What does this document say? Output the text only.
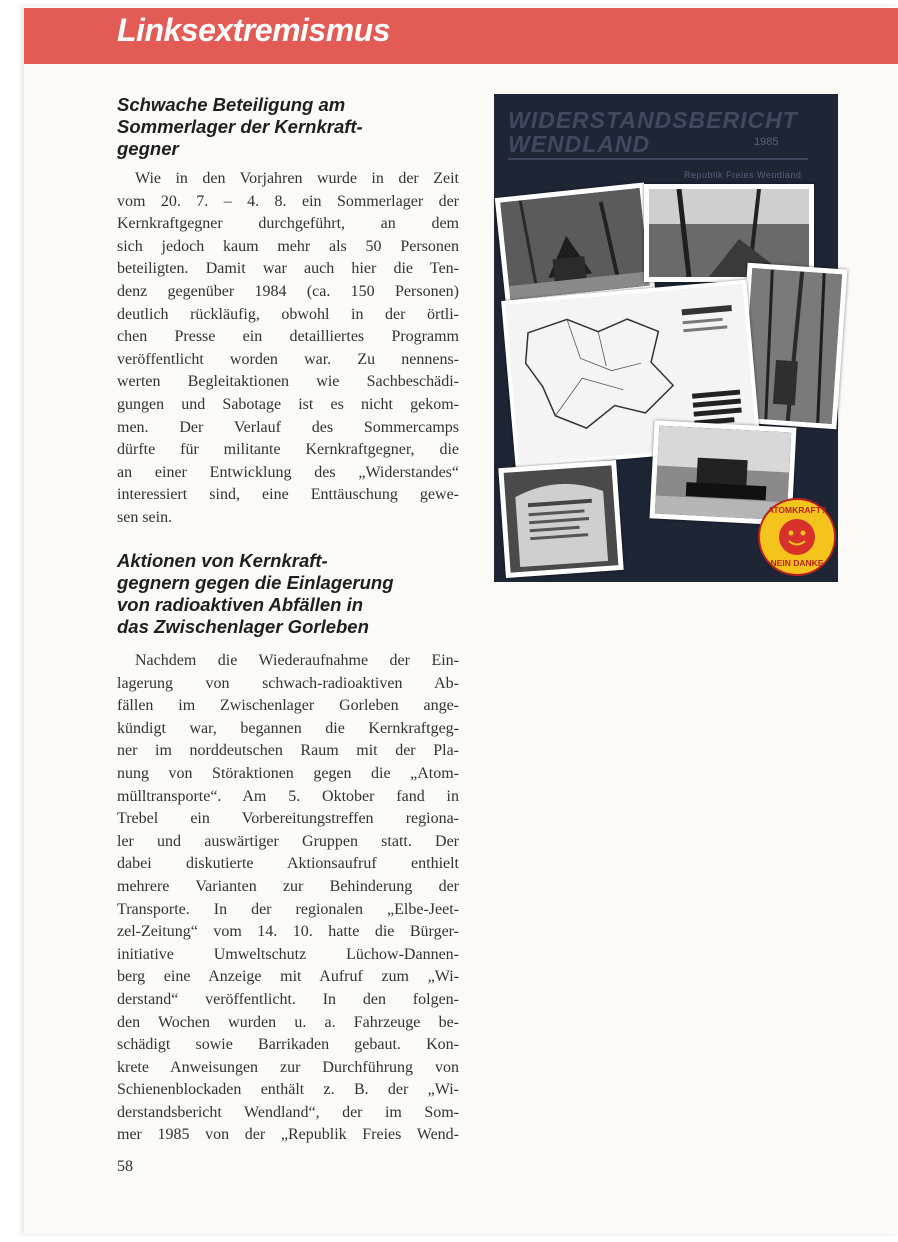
Linksextremismus
Schwache Beteiligung am
Sommerlager der Kernkraft-
gegner
Wie in den Vorjahren wurde in der Zeit
vom 20. 7. – 4. 8. ein Sommerlager der
Kernkraftgegner durchgeführt, an dem
sich jedoch kaum mehr als 50 Personen
beteiligten. Damit war auch hier die Ten-
denz gegenüber 1984 (ca. 150 Personen)
deutlich rückläufig, obwohl in der örtli-
chen Presse ein detailliertes Programm
veröffentlicht worden war. Zu nennens-
werten Begleitaktionen wie Sachbeschädi-
gungen und Sabotage ist es nicht gekom-
men. Der Verlauf des Sommercamps
dürfte für militante Kernkraftgegner, die
an einer Entwicklung des „Widerstandes“
interessiert sind, eine Enttäuschung gewe-
sen sein.
Aktionen von Kernkraft-
gegnern gegen die Einlagerung
von radioaktiven Abfällen in
das Zwischenlager Gorleben
Nachdem die Wiederaufnahme der Ein-
lagerung von schwach-radioaktiven Ab-
fällen im Zwischenlager Gorleben ange-
kündigt war, begannen die Kernkraftgeg-
ner im norddeutschen Raum mit der Pla-
nung von Störaktionen gegen die „Atom-
mülltransporte“. Am 5. Oktober fand in
Trebel ein Vorbereitungstreffen regiona-
ler und auswärtiger Gruppen statt. Der
dabei diskutierte Aktionsaufruf enthielt
mehrere Varianten zur Behinderung der
Transporte. In der regionalen „Elbe-Jeet-
zel-Zeitung“ vom 14. 10. hatte die Bürger-
initiative Umweltschutz Lüchow-Dannen-
berg eine Anzeige mit Aufruf zum „Wi-
derstand“ veröffentlicht. In den folgen-
den Wochen wurden u. a. Fahrzeuge be-
schädigt sowie Barrikaden gebaut. Kon-
krete Anweisungen zur Durchführung von
Schienenblockaden enthält z. B. der „Wi-
derstandsbericht Wendland“, der im Som-
mer 1985 von der „Republik Freies Wend-
58
WIDERSTANDSBERICHT
WENDLAND	1985
Republik Freies Wendland
ATOMKRAFT?
NEIN DANKE
